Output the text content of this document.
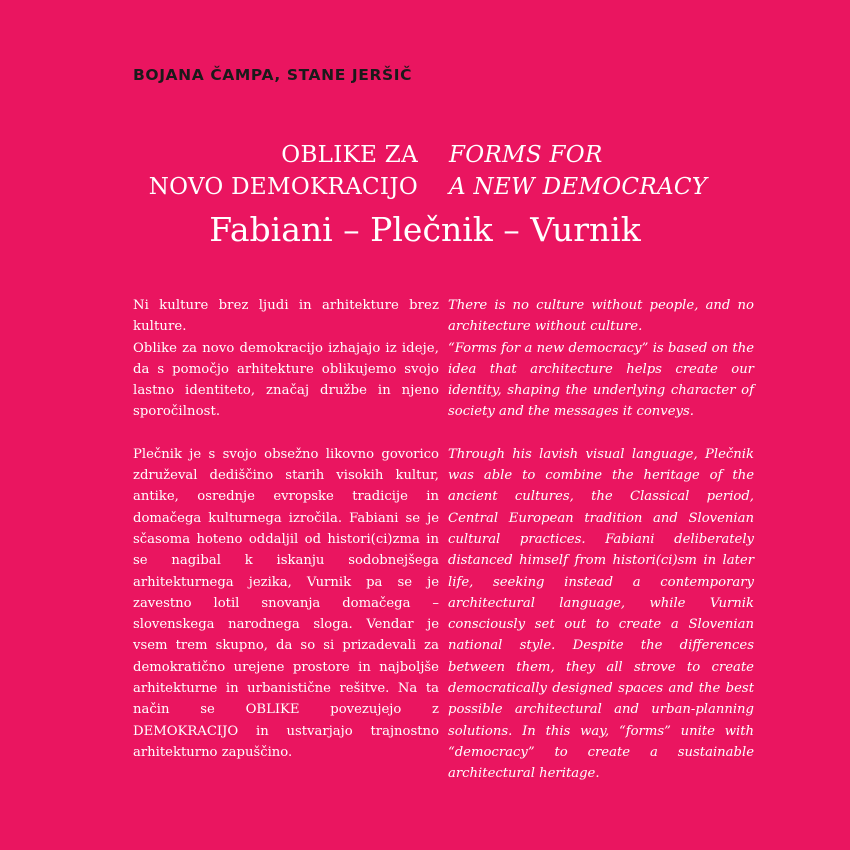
BOJANA ČAMPA, STANE JERŠIČ
OBLIKE ZA
NOVO DEMOKRACIJO
FORMS FOR
A NEW DEMOCRACY
Fabiani – Plečnik – Vurnik

Ni kulture brez ljudi in arhitekture brez kulture.

Oblike za novo demokracijo izhajajo iz ideje, da s pomočjo arhitekture oblikujemo svojo lastno identiteto, značaj družbe in njeno sporočilnost.

Plečnik je s svojo obsežno likovno govorico združeval dediščino starih visokih kultur, antike, osrednje evropske tradicije in domačega kulturnega izročila. Fabiani se je sčasoma hoteno oddaljil od histori(ci)zma in se nagibal k iskanju sodobnejšega arhitekturnega jezika, Vurnik pa se je zavestno lotil snovanja domačega – slovenskega narodnega sloga. Vendar je vsem trem skupno, da so si prizadevali za demokratično urejene prostore in najboljše arhitekturne in urbanistične rešitve. Na ta način se OBLIKE povezujejo z DEMOKRACIJO in ustvarjajo trajnostno arhitekturno zapuščino.

There is no culture without people, and no architecture without culture.

“Forms for a new democracy” is based on the idea that architecture helps create our identity, shaping the underlying character of society and the messages it conveys.

Through his lavish visual language, Plečnik was able to combine the heritage of the ancient cultures, the Classical period, Central European tradition and Slovenian cultural practices. Fabiani deliberately distanced himself from histori(ci)sm in later life, seeking instead a contemporary architectural language, while Vurnik consciously set out to create a Slovenian national style. Despite the differences between them, they all strove to create democratically designed spaces and the best possible architectural and urban-planning solutions. In this way, “forms” unite with “democracy” to create a sustainable architectural heritage.
